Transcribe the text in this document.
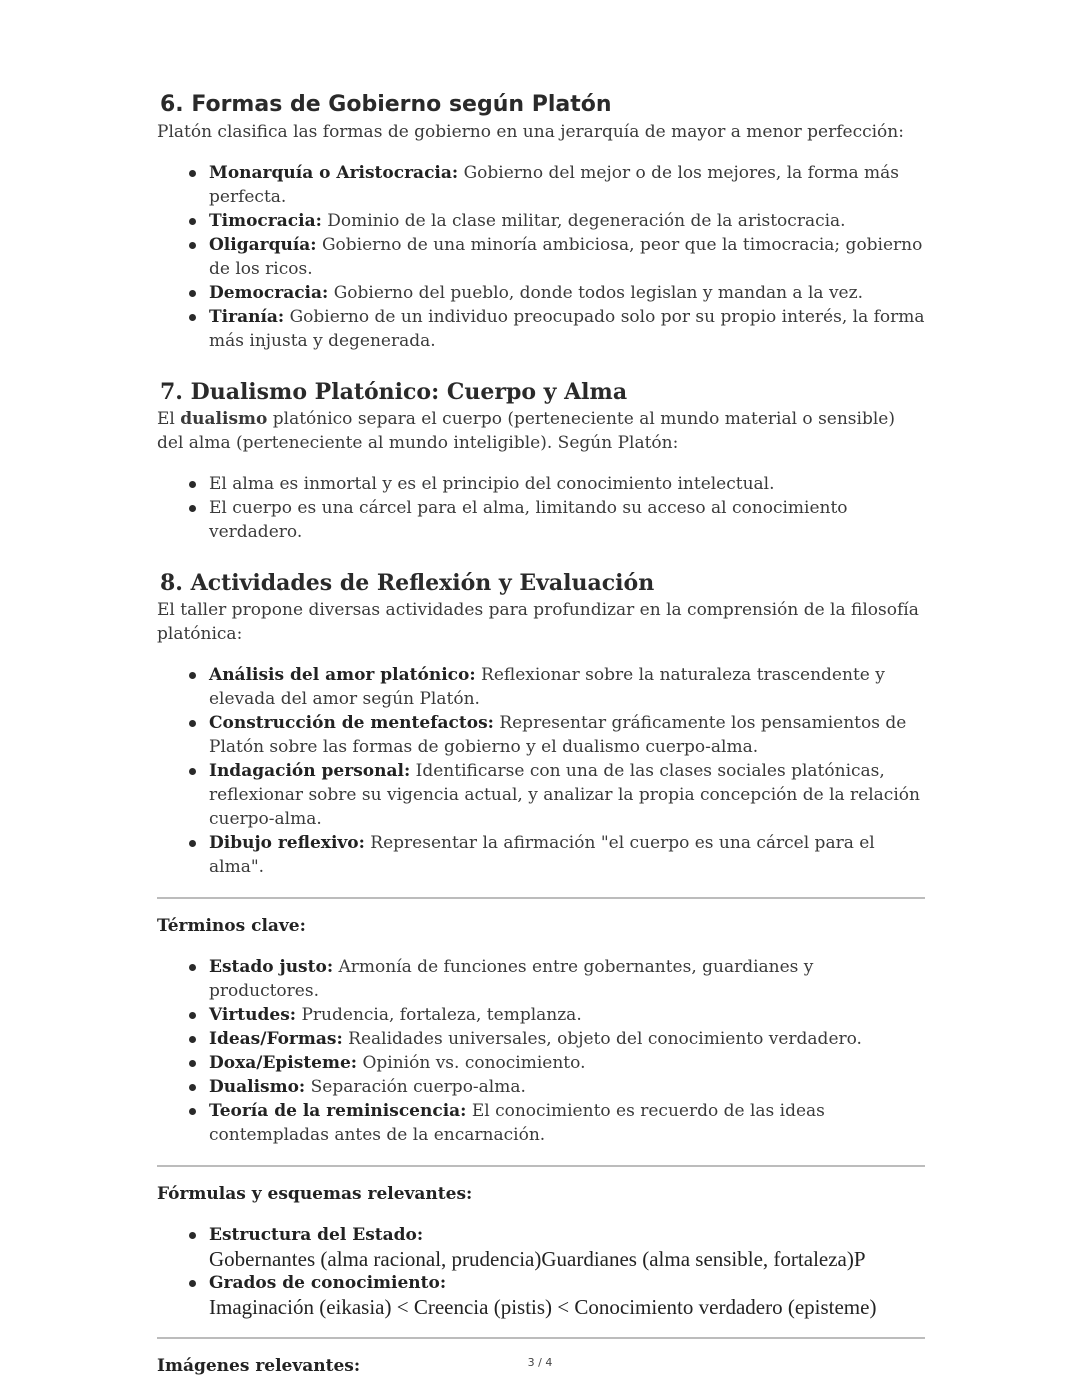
6. Formas de Gobierno según Platón

Platón clasifica las formas de gobierno en una jerarquía de mayor a menor perfección:

Monarquía o Aristocracia: Gobierno del mejor o de los mejores, la forma más perfecta.
Timocracia: Dominio de la clase militar, degeneración de la aristocracia.
Oligarquía: Gobierno de una minoría ambiciosa, peor que la timocracia; gobierno de los ricos.
Democracia: Gobierno del pueblo, donde todos legislan y mandan a la vez.
Tiranía: Gobierno de un individuo preocupado solo por su propio interés, la forma más injusta y degenerada.
7. Dualismo Platónico: Cuerpo y Alma

El dualismo platónico separa el cuerpo (perteneciente al mundo material o sensible) del alma (perteneciente al mundo inteligible). Según Platón:

El alma es inmortal y es el principio del conocimiento intelectual.
El cuerpo es una cárcel para el alma, limitando su acceso al conocimiento verdadero.
8. Actividades de Reflexión y Evaluación

El taller propone diversas actividades para profundizar en la comprensión de la filosofía platónica:

Análisis del amor platónico: Reflexionar sobre la naturaleza trascendente y elevada del amor según Platón.
Construcción de mentefactos: Representar gráficamente los pensamientos de Platón sobre las formas de gobierno y el dualismo cuerpo-alma.
Indagación personal: Identificarse con una de las clases sociales platónicas, reflexionar sobre su vigencia actual, y analizar la propia concepción de la relación cuerpo-alma.
Dibujo reflexivo: Representar la afirmación "el cuerpo es una cárcel para el alma".
Términos clave:
Estado justo: Armonía de funciones entre gobernantes, guardianes y productores.
Virtudes: Prudencia, fortaleza, templanza.
Ideas/Formas: Realidades universales, objeto del conocimiento verdadero.
Doxa/Episteme: Opinión vs. conocimiento.
Dualismo: Separación cuerpo-alma.
Teoría de la reminiscencia: El conocimiento es recuerdo de las ideas contempladas antes de la encarnación.
Fórmulas y esquemas relevantes:
Estructura del Estado:
Gobernantes (alma racional, prudencia)Guardianes (alma sensible, fortaleza)P
Grados de conocimiento:
Imaginación (eikasia) < Creencia (pistis) < Conocimiento verdadero (episteme)
Imágenes relevantes:	3 / 4
